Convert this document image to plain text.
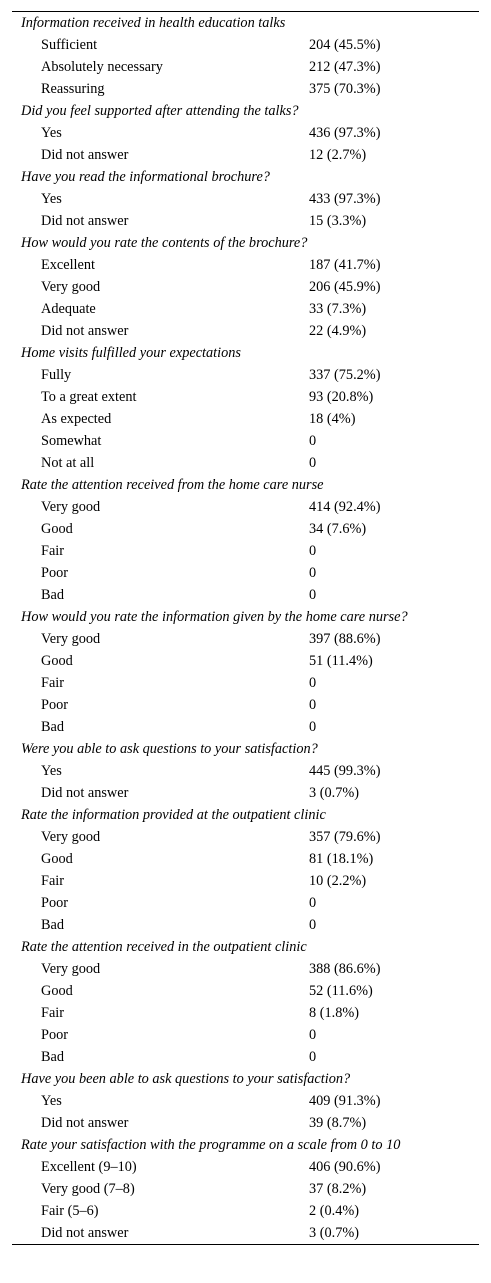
Information received in health education talks
Sufficient	204 (45.5%)
Absolutely necessary	212 (47.3%)
Reassuring	375 (70.3%)
Did you feel supported after attending the talks?
Yes	436 (97.3%)
Did not answer	12 (2.7%)
Have you read the informational brochure?
Yes	433 (97.3%)
Did not answer	15 (3.3%)
How would you rate the contents of the brochure?
Excellent	187 (41.7%)
Very good	206 (45.9%)
Adequate	33 (7.3%)
Did not answer	22 (4.9%)
Home visits fulfilled your expectations
Fully	337 (75.2%)
To a great extent	93 (20.8%)
As expected	18 (4%)
Somewhat	0
Not at all	0
Rate the attention received from the home care nurse
Very good	414 (92.4%)
Good	34 (7.6%)
Fair	0
Poor	0
Bad	0
How would you rate the information given by the home care nurse?
Very good	397 (88.6%)
Good	51 (11.4%)
Fair	0
Poor	0
Bad	0
Were you able to ask questions to your satisfaction?
Yes	445 (99.3%)
Did not answer	3 (0.7%)
Rate the information provided at the outpatient clinic
Very good	357 (79.6%)
Good	81 (18.1%)
Fair	10 (2.2%)
Poor	0
Bad	0
Rate the attention received in the outpatient clinic
Very good	388 (86.6%)
Good	52 (11.6%)
Fair	8 (1.8%)
Poor	0
Bad	0
Have you been able to ask questions to your satisfaction?
Yes	409 (91.3%)
Did not answer	39 (8.7%)
Rate your satisfaction with the programme on a scale from 0 to 10
Excellent (9–10)	406 (90.6%)
Very good (7–8)	37 (8.2%)
Fair (5–6)	2 (0.4%)
Did not answer	3 (0.7%)
